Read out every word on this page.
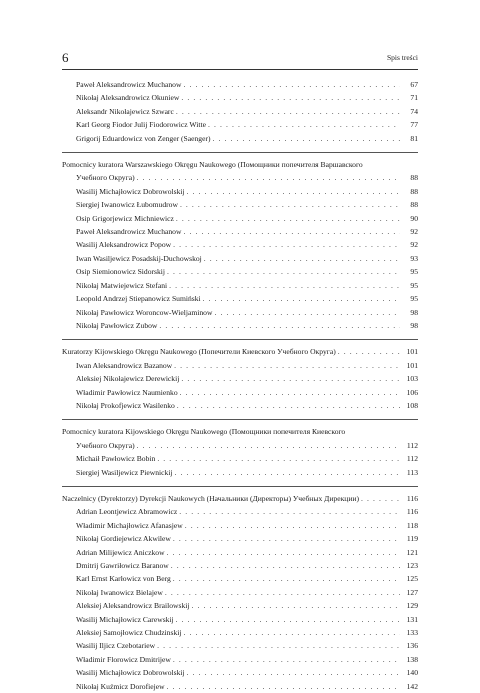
6	Spis treści
Paweł Aleksandrowicz Muchanow . . .	67
Nikołaj Aleksandrowicz Okuniew . . .	71
Aleksandr Nikołajewicz Szwarc . . .	74
Karl Georg Fiodor Julij Fiodorowicz Witte . . .	77
Grigorij Eduardowicz von Zenger (Saenger) . . .	81
Pomocnicy kuratora Warszawskiego Okręgu Naukowego (Помощники попечителя Варшавского
Учебного Округа) . . .	88
Wasilij Michajłowicz Dobrowolskij . . .	88
Siergiej Iwanowicz Łubomudrow . . .	88
Osip Grigorjewicz Michniewicz . . .	90
Paweł Aleksandrowicz Muchanow . . .	92
Wasilij Aleksandrowicz Popow . . .	92
Iwan Wasiljewicz Posadskij-Duchowskoj . . .	93
Osip Siemionowicz Sidorskij . . .	95
Nikołaj Matwiejewicz Stefani . . .	95
Leopold Andrzej Stiepanowicz Sumiński . . .	95
Nikołaj Pawłowicz Woroncow-Wieljaminow . . .	98
Nikołaj Pawłowicz Zubow . . .	98
Kuratorzy Kijowskiego Okręgu Naukowego (Попечители Киевского Учебного Округа) . . .	101
Iwan Aleksandrowicz Bazanow . . .	101
Aleksiej Nikołajewicz Derewickij . . .	103
Władimir Pawłowicz Naumienko . . .	106
Nikołaj Prokofjewicz Wasilenko . . .	108
Pomocnicy kuratora Kijowskiego Okręgu Naukowego (Помощники попечителя Киевского
Учебного Округа) . . .	112
Michaił Pawłowicz Bobin . . .	112
Siergiej Wasiljewicz Piewnickij . . .	113
Naczelnicy (Dyrektorzy) Dyrekcji Naukowych (Начальники (Директоры) Учебных Дирекции) . . .	116
Adrian Leontjewicz Abramowicz . . .	116
Władimir Michajłowicz Afanasjew . . .	118
Nikołaj Gordiejewicz Akwilew . . .	119
Adrian Milijewicz Aniczkow . . .	121
Dmitrij Gawriłowicz Baranow . . .	123
Karl Ernst Karłowicz von Berg . . .	125
Nikołaj Iwanowicz Bielajew . . .	127
Aleksiej Aleksandrowicz Brailowskij . . .	129
Wasilij Michajłowicz Carewskij . . .	131
Aleksiej Samojłowicz Chudzinskij . . .	133
Wasilij Iljicz Czebotariew . . .	136
Władimir Florowicz Dmitrijew . . .	138
Wasilij Michajłowicz Dobrowolskij . . .	140
Nikołaj Kuźmicz Dorofiejew . . .	142
